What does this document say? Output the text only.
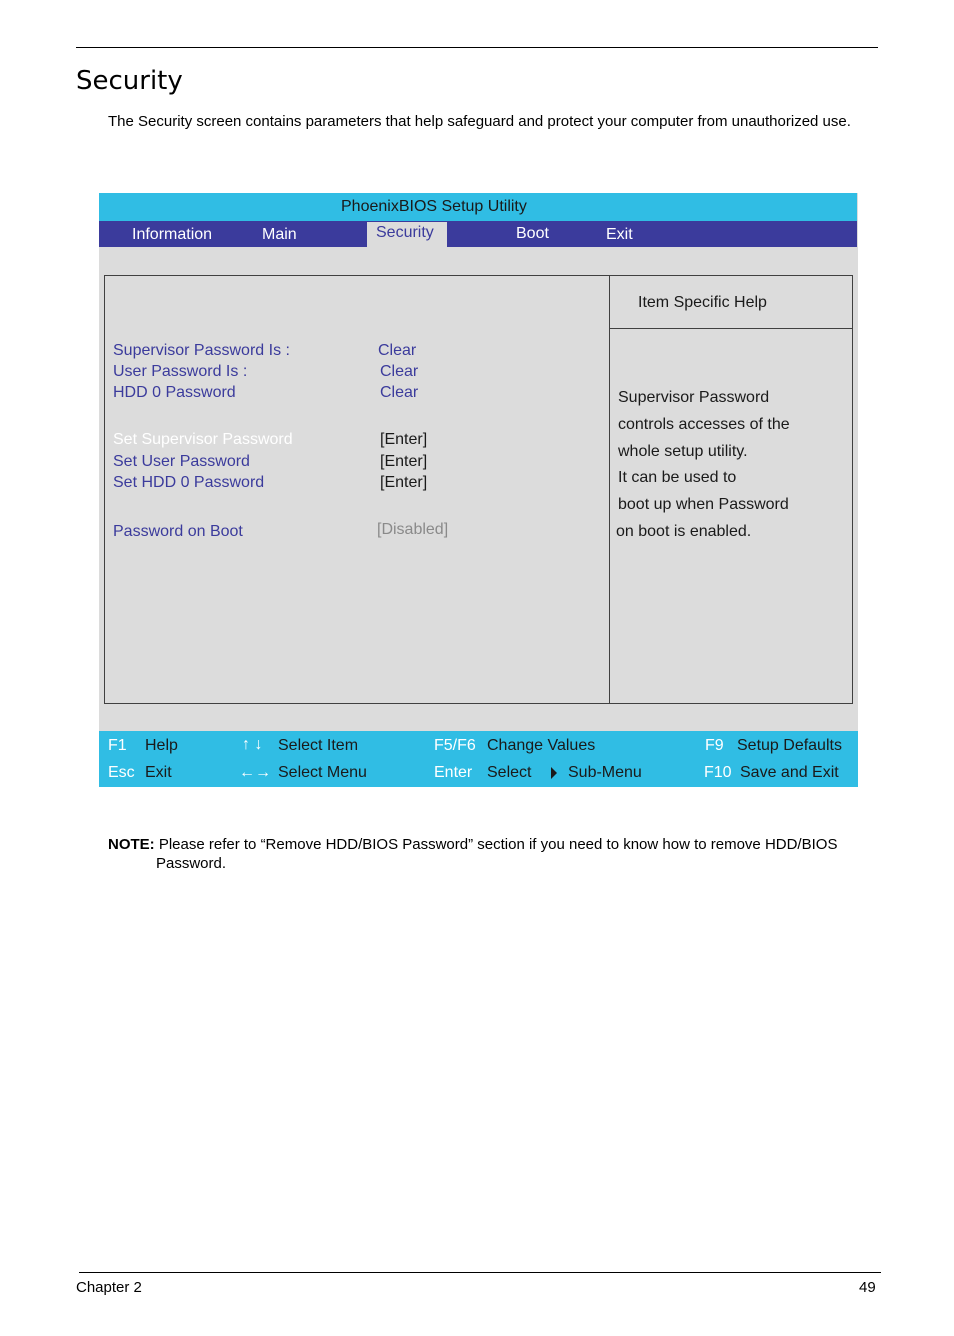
Security

The Security screen contains parameters that help safeguard and protect your computer from unauthorized use.

PhoenixBIOS Setup Utility
Information	Main	Security	Boot	Exit
Item Specific Help
Supervisor Password Is :	Clear
User Password Is :	Clear
HDD 0 Password	Clear
Set Supervisor Password	[Enter]
Set User Password	[Enter]
Set HDD 0 Password	[Enter]
Password on Boot	[Disabled]
Supervisor Password
controls accesses of the
whole setup utility.
It can be used to
boot up when Password
on boot is enabled.
F1 Help	↑ ↓ Select Item	F5/F6 Change Values	F9 Setup Defaults
Esc Exit	←→ Select Menu	Enter Select Sub-Menu	F10 Save and Exit

NOTE: Please refer to “Remove HDD/BIOS Password” section if you need to know how to remove HDD/BIOS
Password.

Chapter 2	49
